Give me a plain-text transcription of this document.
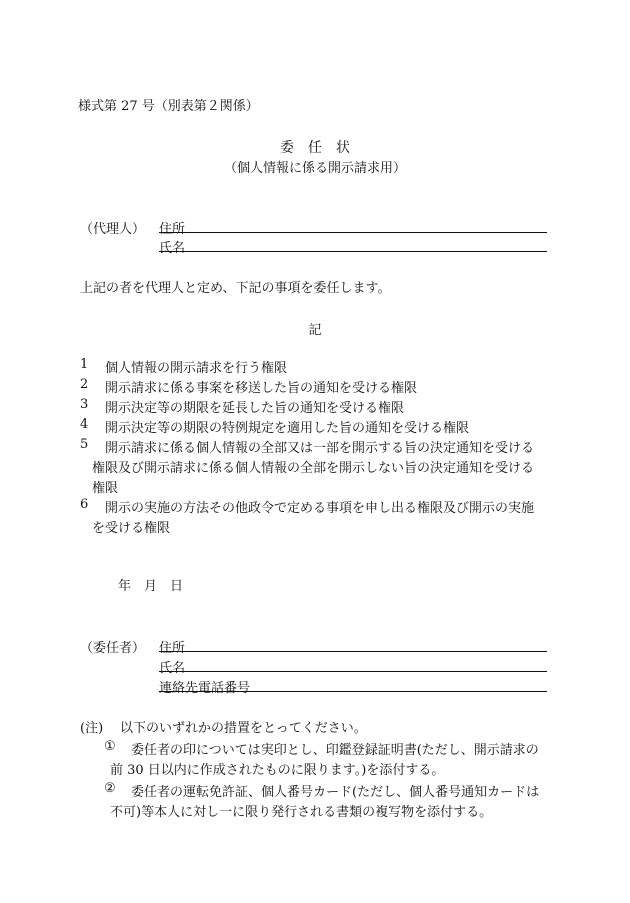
様式第 27 号（別表第２関係）
委　任　状
（個人情報に係る開示請求用）
（代理人） 住所
氏名
上記の者を代理人と定め、下記の事項を委任します。
記
1 個人情報の開示請求を行う権限
2 開示請求に係る事案を移送した旨の通知を受ける権限
3 開示決定等の期限を延長した旨の通知を受ける権限
4 開示決定等の期限の特例規定を適用した旨の通知を受ける権限
5 開示請求に係る個人情報の全部又は一部を開示する旨の決定通知を受ける
権限及び開示請求に係る個人情報の全部を開示しない旨の決定通知を受ける
権限
6 開示の実施の方法その他政令で定める事項を申し出る権限及び開示の実施
を受ける権限
年　月　日
（委任者） 住所
氏名
連絡先電話番号
(注) 以下のいずれかの措置をとってください。
① 委任者の印については実印とし、印鑑登録証明書(ただし、開示請求の
前 30 日以内に作成されたものに限ります。)を添付する。
② 委任者の運転免許証、個人番号カード(ただし、個人番号通知カードは
不可)等本人に対し一に限り発行される書類の複写物を添付する。
